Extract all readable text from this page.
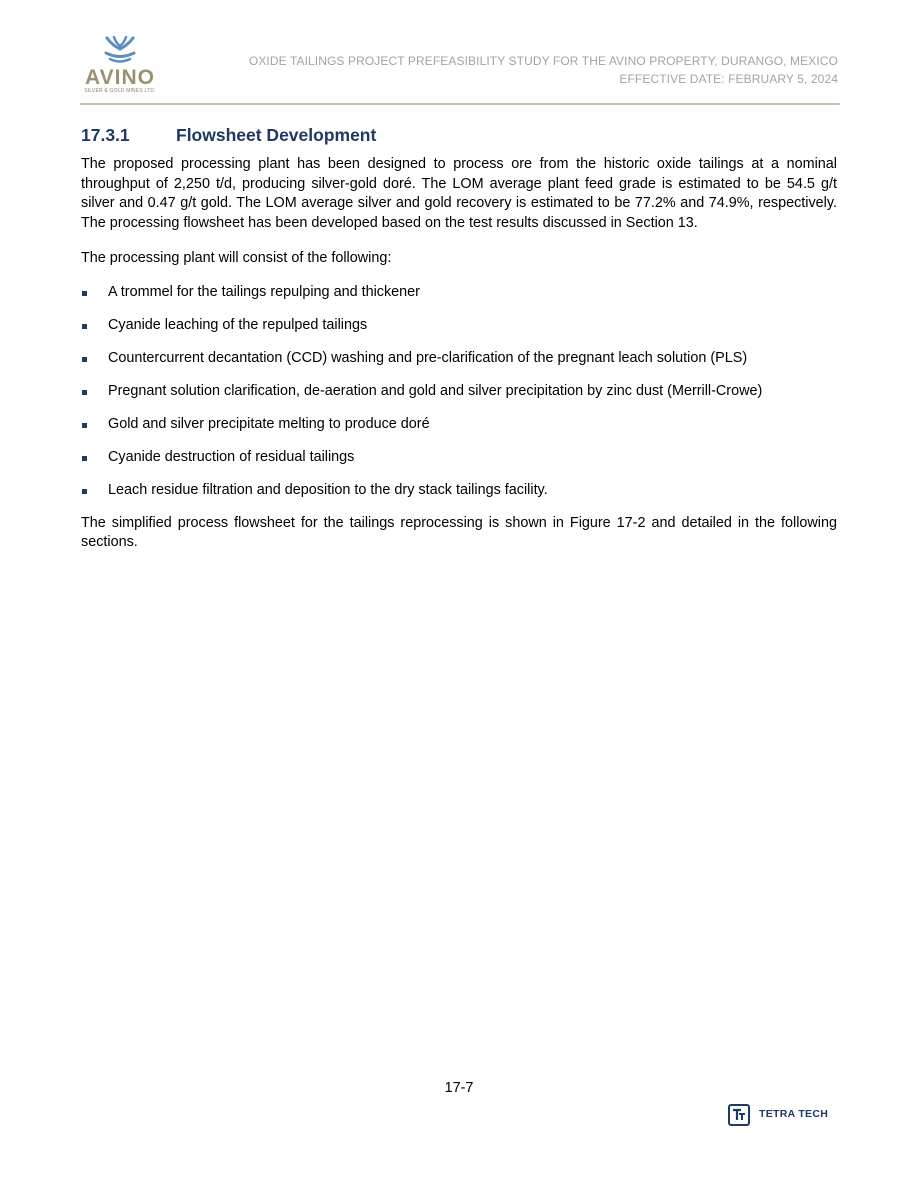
AVINO
SILVER & GOLD MINES LTD.
OXIDE TAILINGS PROJECT PREFEASIBILITY STUDY FOR THE AVINO PROPERTY, DURANGO, MEXICO
EFFECTIVE DATE: FEBRUARY 5, 2024
17.3.1	Flowsheet Development

The proposed processing plant has been designed to process ore from the historic oxide tailings at a nominal throughput of 2,250 t/d, producing silver-gold doré. The LOM average plant feed grade is estimated to be 54.5 g/t silver and 0.47 g/t gold. The LOM average silver and gold recovery is estimated to be 77.2% and 74.9%, respectively. The processing flowsheet has been developed based on the test results discussed in Section 13.

The processing plant will consist of the following:

A trommel for the tailings repulping and thickener
Cyanide leaching of the repulped tailings
Countercurrent decantation (CCD) washing and pre-clarification of the pregnant leach solution (PLS)
Pregnant solution clarification, de-aeration and gold and silver precipitation by zinc dust (Merrill-Crowe)
Gold and silver precipitate melting to produce doré
Cyanide destruction of residual tailings
Leach residue filtration and deposition to the dry stack tailings facility.

The simplified process flowsheet for the tailings reprocessing is shown in Figure 17-2 and detailed in the following sections.

17-7
TETRA TECH
